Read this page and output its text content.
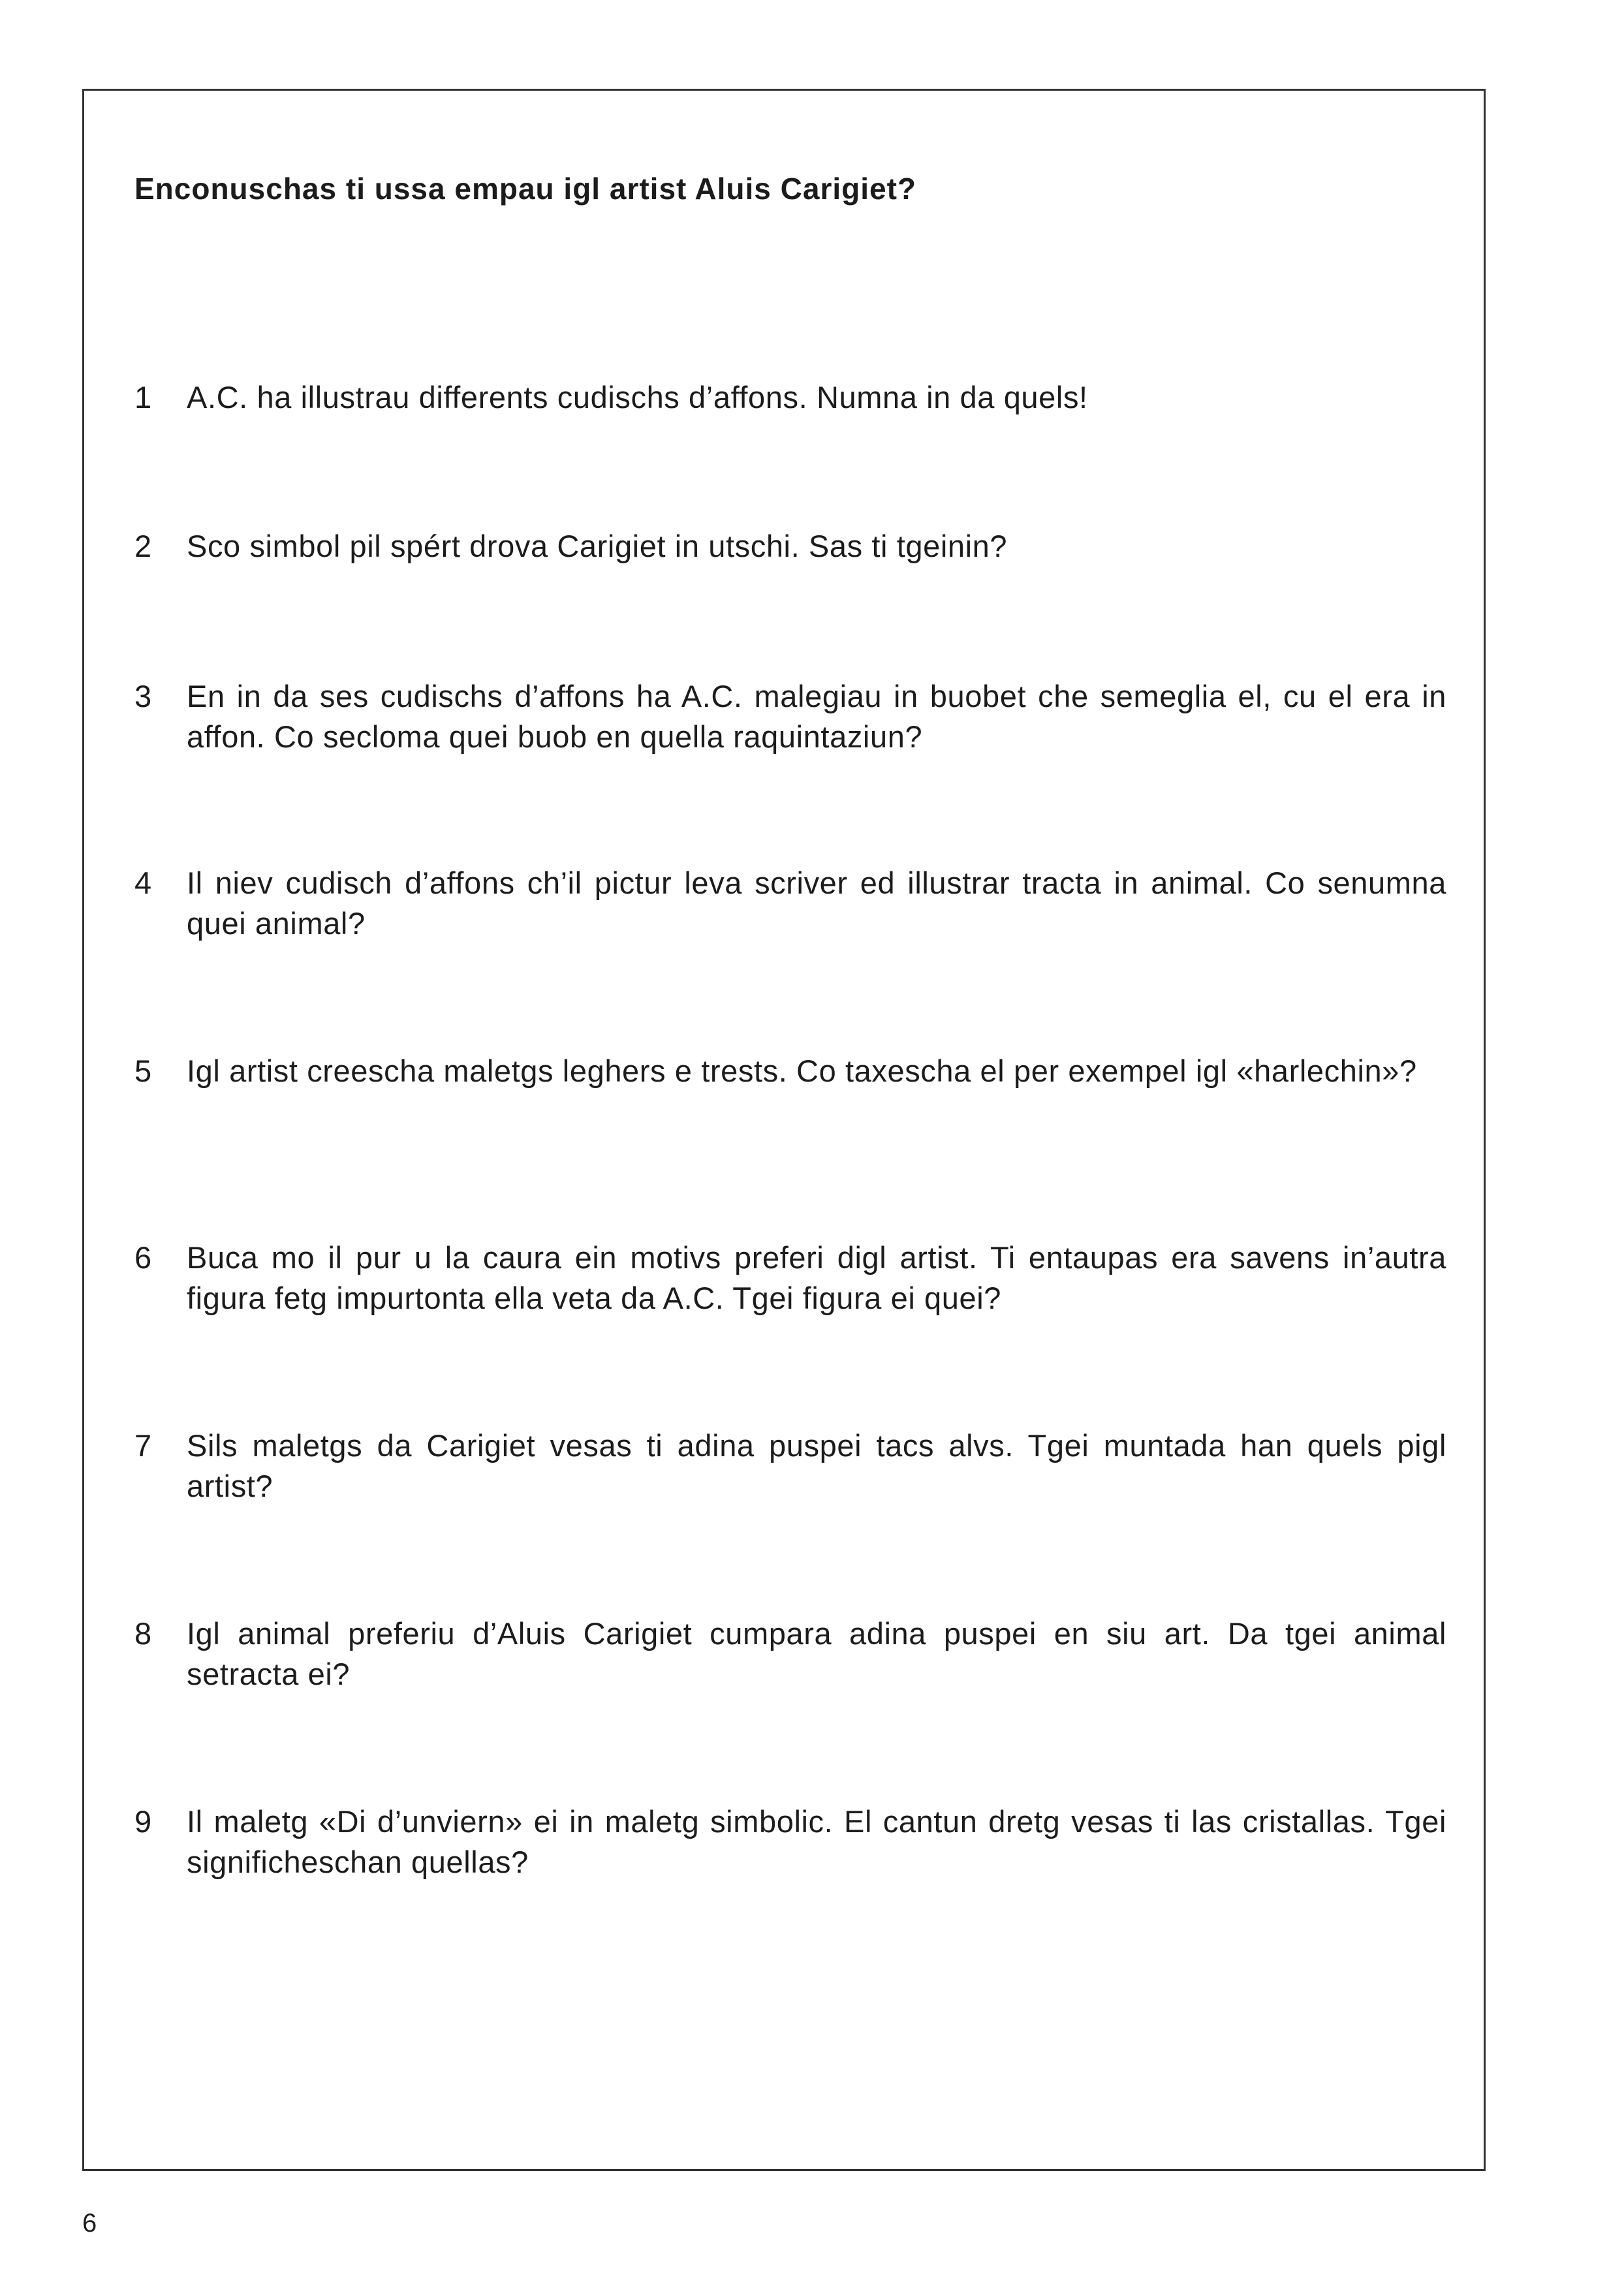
Enconuschas ti ussa empau igl artist Aluis Carigiet?
1	A.C. ha illustrau differents cudischs d’affons. Numna in da quels!
2	Sco simbol pil spért drova Carigiet in utschi. Sas ti tgeinin?
3	En in da ses cudischs d’affons ha A.C. malegiau in buobet che semeglia el, cu el era in affon. Co secloma quei buob en quella raquintaziun?
4	Il niev cudisch d’affons ch’il pictur leva scriver ed illustrar tracta in animal. Co senumna quei animal?
5	Igl artist creescha maletgs leghers e trests. Co taxescha el per exempel igl «harlechin»?
6	Buca mo il pur u la caura ein motivs preferi digl artist. Ti entaupas era savens in’autra figura fetg impurtonta ella veta da A.C. Tgei figura ei quei?
7	Sils maletgs da Carigiet vesas ti adina puspei tacs alvs. Tgei muntada han quels pigl artist?
8	Igl animal preferiu d’Aluis Carigiet cumpara adina puspei en siu art. Da tgei animal setracta ei?
9	Il maletg «Di d’unviern» ei in maletg simbolic. El cantun dretg vesas ti las cristallas. Tgei significheschan quellas?
6
